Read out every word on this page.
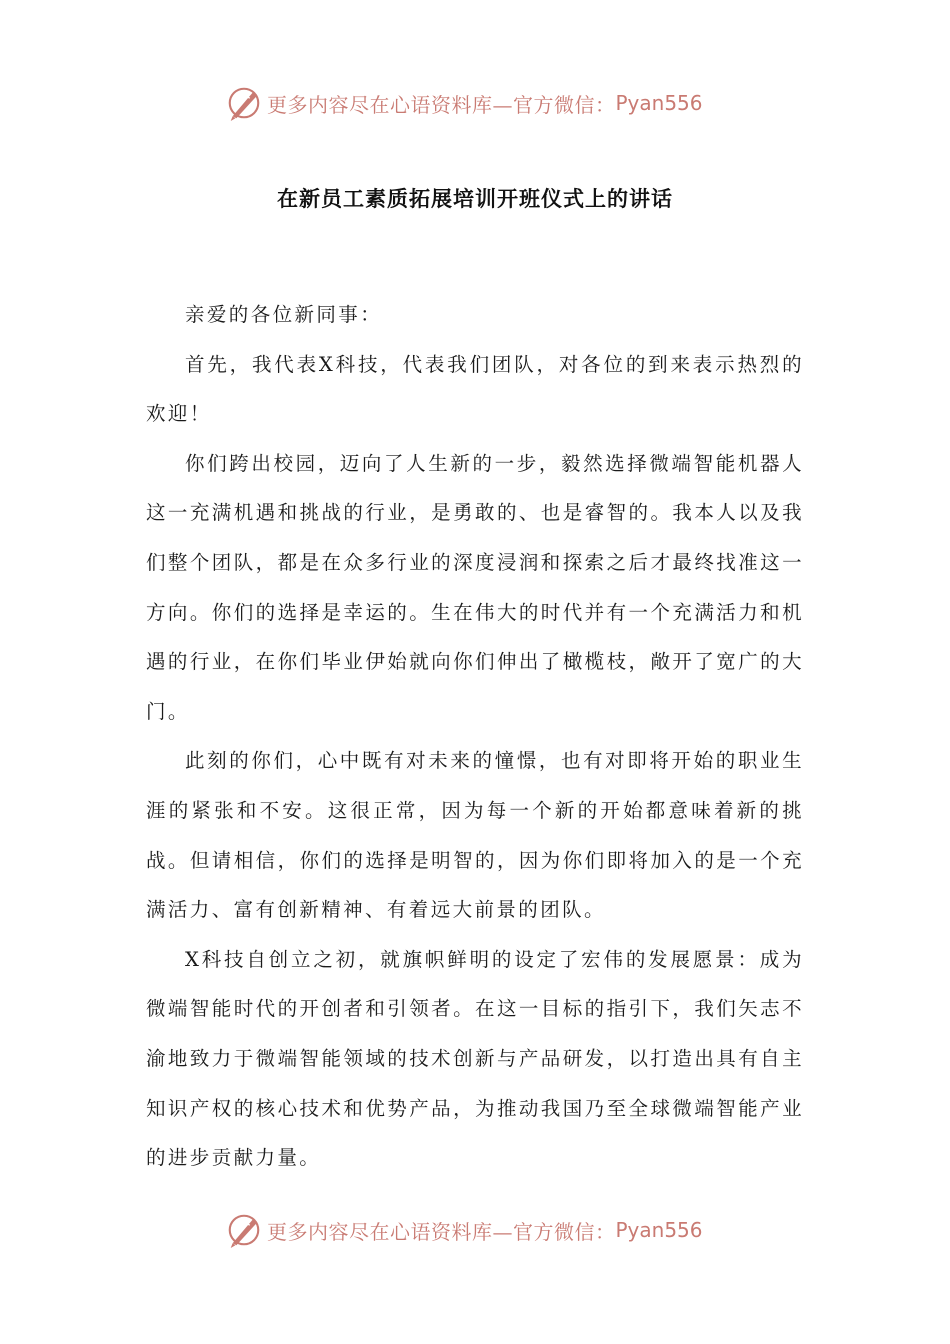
更多内容尽在心语资料库—官方微信： Pyan556
在新员工素质拓展培训开班仪式上的讲话

亲爱的各位新同事：

首先，我代表X科技，代表我们团队，对各位的到来表示热烈的欢迎！

你们跨出校园，迈向了人生新的一步，毅然选择微端智能机器人这一充满机遇和挑战的行业，是勇敢的、也是睿智的。我本人以及我们整个团队，都是在众多行业的深度浸润和探索之后才最终找准这一方向。你们的选择是幸运的。生在伟大的时代并有一个充满活力和机遇的行业，在你们毕业伊始就向你们伸出了橄榄枝，敞开了宽广的大门。

此刻的你们，心中既有对未来的憧憬，也有对即将开始的职业生涯的紧张和不安。这很正常，因为每一个新的开始都意味着新的挑战。但请相信，你们的选择是明智的，因为你们即将加入的是一个充满活力、富有创新精神、有着远大前景的团队。

X科技自创立之初，就旗帜鲜明的设定了宏伟的发展愿景：成为微端智能时代的开创者和引领者。在这一目标的指引下，我们矢志不渝地致力于微端智能领域的技术创新与产品研发，以打造出具有自主知识产权的核心技术和优势产品，为推动我国乃至全球微端智能产业的进步贡献力量。

更多内容尽在心语资料库—官方微信： Pyan556
